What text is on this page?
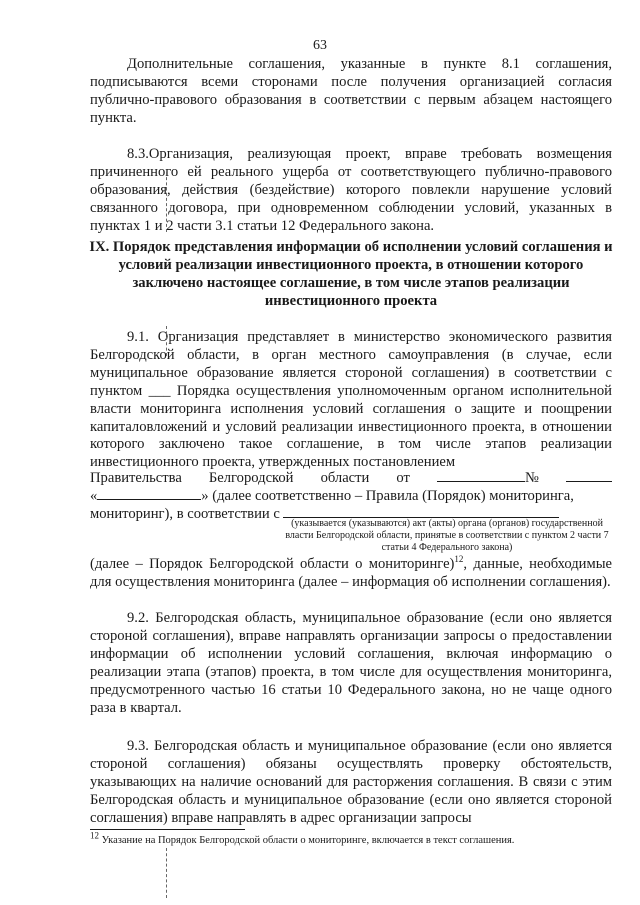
63

Дополнительные соглашения, указанные в пункте 8.1 соглашения, подписываются всеми сторонами после получения организацией согласия публично-правового образования в соответствии с первым абзацем настоящего пункта.

8.3.Организация, реализующая проект, вправе требовать возмещения причиненного ей реального ущерба от соответствующего публично-правового образования, действия (бездействие) которого повлекли нарушение условий связанного договора, при одновременном соблюдении условий, указанных в пунктах 1 и 2 части 3.1 статьи 12 Федерального закона.

IX. Порядок представления информации об исполнении условий соглашения и условий реализации инвестиционного проекта, в отношении которого заключено настоящее соглашение, в том числе этапов реализации инвестиционного проекта

9.1. Организация представляет в министерство экономического развития Белгородской области, в орган местного самоуправления (в случае, если муниципальное образование является стороной соглашения) в соответствии с пунктом ___ Порядка осуществления уполномоченным органом исполнительной власти мониторинга исполнения условий соглашения о защите и поощрении капиталовложений и условий реализации инвестиционного проекта, в отношении которого заключено такое соглашение, в том числе этапов реализации инвестиционного проекта, утвержденных постановлением

Правительства Белгородской области от	№
«	» (далее соответственно – Правила (Порядок) мониторинга,
мониторинг), в соответствии с
(указывается (указываются) акт (акты) органа (органов) государственной власти Белгородской области, принятые в соответствии с пунктом 2 части 7 статьи 4 Федерального закона)

(далее – Порядок Белгородской области о мониторинге)$^{12}$, данные, необходимые для осуществления мониторинга (далее – информация об исполнении соглашения).

9.2. Белгородская область, муниципальное образование (если оно является стороной соглашения), вправе направлять организации запросы о предоставлении информации об исполнении условий соглашения, включая информацию о реализации этапа (этапов) проекта, в том числе для осуществления мониторинга, предусмотренного частью 16 статьи 10 Федерального закона, но не чаще одного раза в квартал.

9.3. Белгородская область и муниципальное образование (если оно является стороной соглашения) обязаны осуществлять проверку обстоятельств, указывающих на наличие оснований для расторжения соглашения. В связи с этим Белгородская область и муниципальное образование (если оно является стороной соглашения) вправе направлять в адрес организации запросы

12 Указание на Порядок Белгородской области о мониторинге, включается в текст соглашения.
